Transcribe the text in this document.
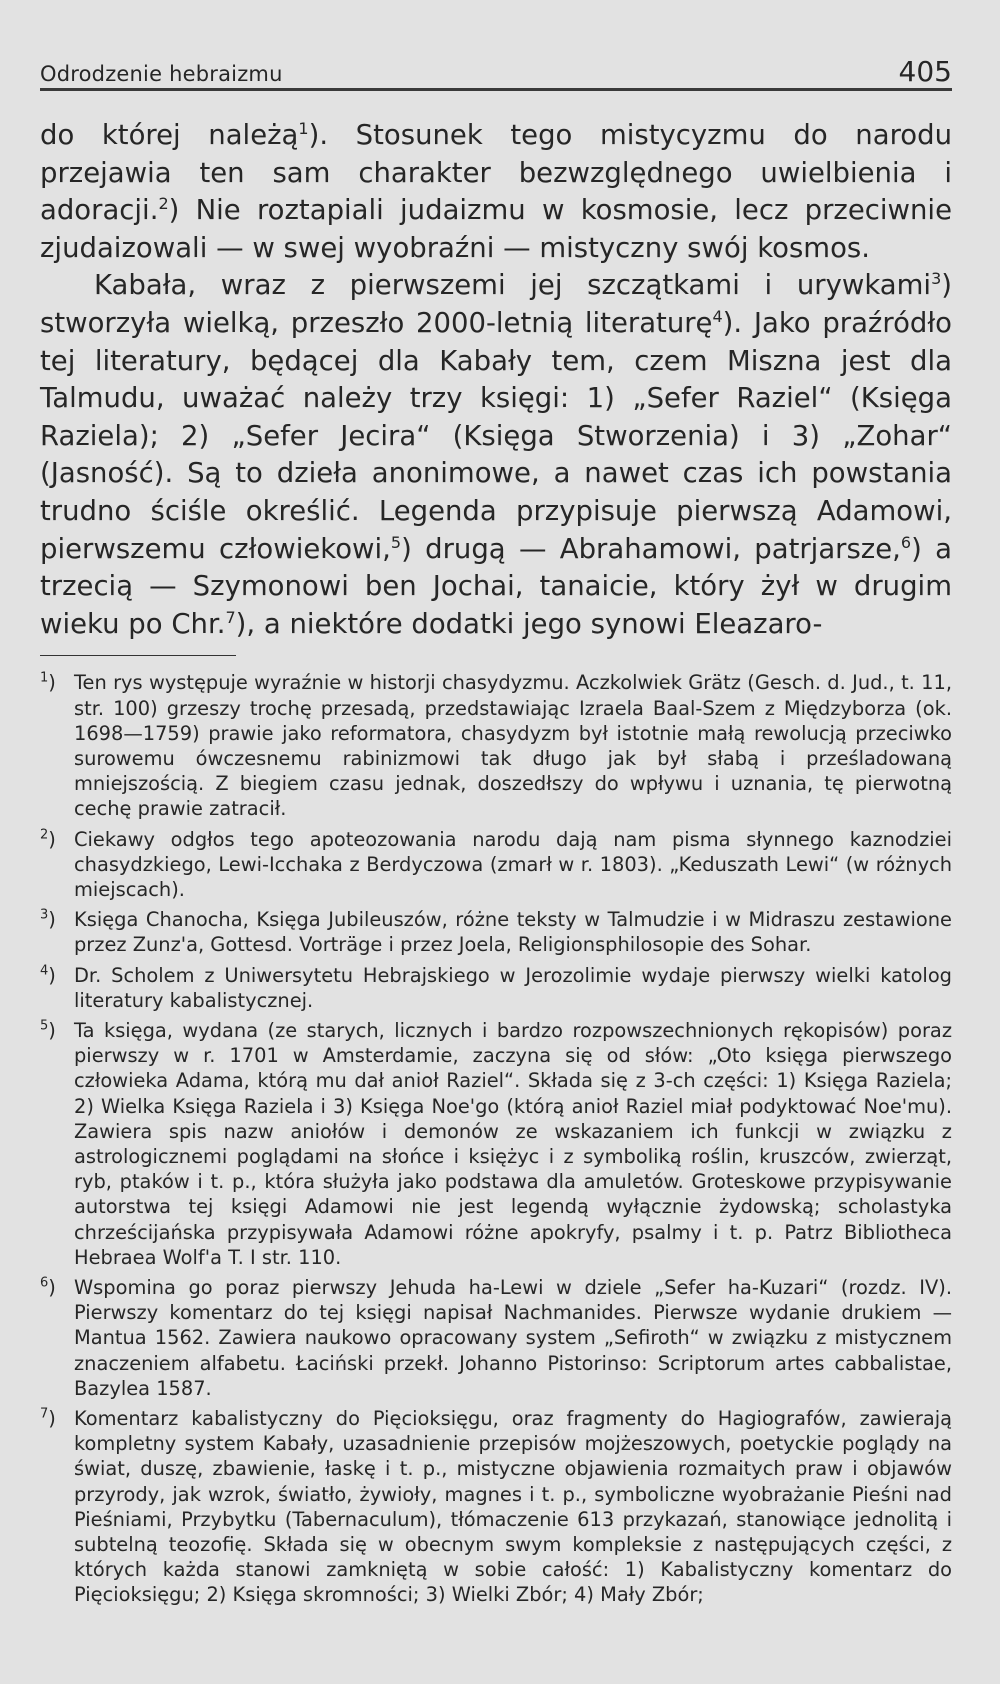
Odrodzenie hebraizmu	405

do której należą$^1$). Stosunek tego mistycyzmu do narodu przejawia ten sam charakter bezwzględnego uwielbienia i adoracji.$^2$) Nie roztapiali judaizmu w kosmosie, lecz przeciwnie zjudaizowali — w swej wyobraźni — mistyczny swój kosmos.

Kabała, wraz z pierwszemi jej szczątkami i urywkami$^3$) stworzyła wielką, przeszło 2000-letnią literaturę$^4$). Jako praźródło tej literatury, będącej dla Kabały tem, czem Miszna jest dla Talmudu, uważać należy trzy księgi: 1) „Sefer Raziel“ (Księga Raziela); 2) „Sefer Jecira“ (Księga Stworzenia) i 3) „Zohar“ (Jasność). Są to dzieła anonimowe, a nawet czas ich powstania trudno ściśle określić. Legenda przypisuje pierwszą Adamowi, pierwszemu człowiekowi,$^5$) drugą — Abrahamowi, patrjarsze,$^6$) a trzecią — Szymonowi ben Jochai, tanaicie, który żył w drugim wieku po Chr.$^7$), a niektóre dodatki jego synowi Eleazaro-

$^1$) Ten rys występuje wyraźnie w historji chasydyzmu. Aczkolwiek Grätz (Gesch. d. Jud., t. 11, str. 100) grzeszy trochę przesadą, przedstawiając Izraela Baal-Szem z Międzyborza (ok. 1698—1759) prawie jako reformatora, chasydyzm był istotnie małą rewolucją przeciwko surowemu ówczesnemu rabinizmowi tak długo jak był słabą i prześladowaną mniejszością. Z biegiem czasu jednak, doszedłszy do wpływu i uznania, tę pierwotną cechę prawie zatracił.
$^2$) Ciekawy odgłos tego apoteozowania narodu dają nam pisma słynnego kaznodziei chasydzkiego, Lewi-Icchaka z Berdyczowa (zmarł w r. 1803). „Keduszath Lewi“ (w różnych miejscach).
$^3$) Księga Chanocha, Księga Jubileuszów, różne teksty w Talmudzie i w Midraszu zestawione przez Zunz'a, Gottesd. Vorträge i przez Joela, Religionsphilosopie des Sohar.
$^4$) Dr. Scholem z Uniwersytetu Hebrajskiego w Jerozolimie wydaje pierwszy wielki katolog literatury kabalistycznej.
$^5$) Ta księga, wydana (ze starych, licznych i bardzo rozpowszechnionych rękopisów) poraz pierwszy w r. 1701 w Amsterdamie, zaczyna się od słów: „Oto księga pierwszego człowieka Adama, którą mu dał anioł Raziel“. Składa się z 3-ch części: 1) Księga Raziela; 2) Wielka Księga Raziela i 3) Księga Noe'go (którą anioł Raziel miał podyktować Noe'mu). Zawiera spis nazw aniołów i demonów ze wskazaniem ich funkcji w związku z astrologicznemi poglądami na słońce i księżyc i z symboliką roślin, kruszców, zwierząt, ryb, ptaków i t. p., która służyła jako podstawa dla amuletów. Groteskowe przypisywanie autorstwa tej księgi Adamowi nie jest legendą wyłącznie żydowską; scholastyka chrześcijańska przypisywała Adamowi różne apokryfy, psalmy i t. p. Patrz Bibliotheca Hebraea Wolf'a T. I str. 110.
$^6$) Wspomina go poraz pierwszy Jehuda ha-Lewi w dziele „Sefer ha-Kuzari“ (rozdz. IV). Pierwszy komentarz do tej księgi napisał Nachmanides. Pierwsze wydanie drukiem — Mantua 1562. Zawiera naukowo opracowany system „Sefiroth“ w związku z mistycznem znaczeniem alfabetu. Łaciński przekł. Johanno Pistorinso: Scriptorum artes cabbalistae, Bazylea 1587.
$^7$) Komentarz kabalistyczny do Pięcioksięgu, oraz fragmenty do Hagiografów, zawierają kompletny system Kabały, uzasadnienie przepisów mojżeszowych, poetyckie poglądy na świat, duszę, zbawienie, łaskę i t. p., mistyczne objawienia rozmaitych praw i objawów przyrody, jak wzrok, światło, żywioły, magnes i t. p., symboliczne wyobrażanie Pieśni nad Pieśniami, Przybytku (Tabernaculum), tłómaczenie 613 przykazań, stanowiące jednolitą i subtelną teozofię. Składa się w obecnym swym kompleksie z następujących części, z których każda stanowi zamkniętą w sobie całość: 1) Kabalistyczny komentarz do Pięcioksięgu; 2) Księga skromności; 3) Wielki Zbór; 4) Mały Zbór;
